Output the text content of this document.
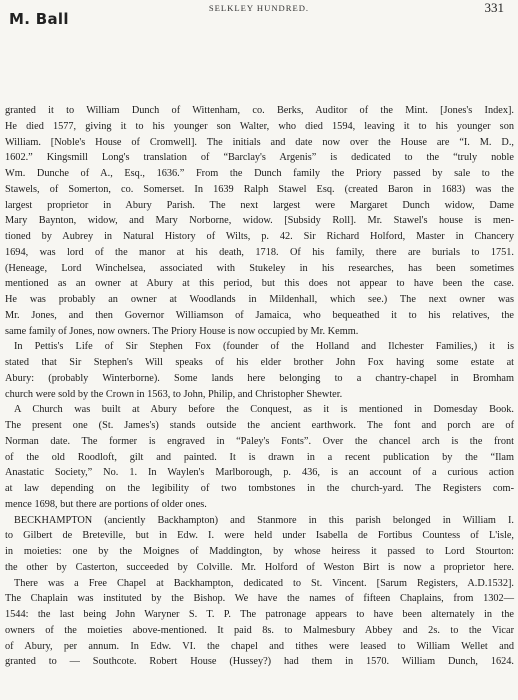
M. Ball
SELKLEY HUNDRED.	331
granted it to William Dunch of Wittenham, co. Berks, Auditor of the Mint. [Jones's Index].
He died 1577, giving it to his younger son Walter, who died 1594, leaving it to his younger son
William. [Noble's House of Cromwell]. The initials and date now over the House are “I. M. D.,
1602.” Kingsmill Long's translation of “Barclay's Argenis” is dedicated to the “truly noble
Wm. Dunche of A., Esq., 1636.” From the Dunch family the Priory passed by sale to the
Stawels, of Somerton, co. Somerset. In 1639 Ralph Stawel Esq. (created Baron in 1683) was the
largest proprietor in Abury Parish. The next largest were Margaret Dunch widow, Dame
Mary Baynton, widow, and Mary Norborne, widow. [Subsidy Roll]. Mr. Stawel's house is men-
tioned by Aubrey in Natural History of Wilts, p. 42. Sir Richard Holford, Master in Chancery
1694, was lord of the manor at his death, 1718. Of his family, there are burials to 1751.
(Heneage, Lord Winchelsea, associated with Stukeley in his researches, has been sometimes
mentioned as an owner at Abury at this period, but this does not appear to have been the case.
He was probably an owner at Woodlands in Mildenhall, which see.) The next owner was
Mr. Jones, and then Governor Williamson of Jamaica, who bequeathed it to his relatives, the
same family of Jones, now owners. The Priory House is now occupied by Mr. Kemm.
In Pettis's Life of Sir Stephen Fox (founder of the Holland and Ilchester Families,) it is
stated that Sir Stephen's Will speaks of his elder brother John Fox having some estate at
Abury: (probably Winterborne). Some lands here belonging to a chantry-chapel in Bromham
church were sold by the Crown in 1563, to John, Philip, and Christopher Shewter.
A Church was built at Abury before the Conquest, as it is mentioned in Domesday Book.
The present one (St. James's) stands outside the ancient earthwork. The font and porch are of
Norman date. The former is engraved in “Paley's Fonts”. Over the chancel arch is the front
of the old Roodloft, gilt and painted. It is drawn in a recent publication by the “Ilam
Anastatic Society,” No. 1. In Waylen's Marlborough, p. 436, is an account of a curious action
at law depending on the legibility of two tombstones in the church-yard. The Registers com-
mence 1698, but there are portions of older ones.
BECKHAMPTON (anciently Backhampton) and Stanmore in this parish belonged in William I.
to Gilbert de Breteville, but in Edw. I. were held under Isabella de Fortibus Countess of L'isle,
in moieties: one by the Moignes of Maddington, by whose heiress it passed to Lord Stourton:
the other by Casterton, succeeded by Colville. Mr. Holford of Weston Birt is now a proprietor here.
There was a Free Chapel at Backhampton, dedicated to St. Vincent. [Sarum Registers, A.D.1532].
The Chaplain was instituted by the Bishop. We have the names of fifteen Chaplains, from 1302—
1544: the last being John Waryner S. T. P. The patronage appears to have been alternately in the
owners of the moieties above-mentioned. It paid 8s. to Malmesbury Abbey and 2s. to the Vicar
of Abury, per annum. In Edw. VI. the chapel and tithes were leased to William Wellet and
granted to — Southcote. Robert House (Hussey?) had them in 1570. William Dunch, 1624.
